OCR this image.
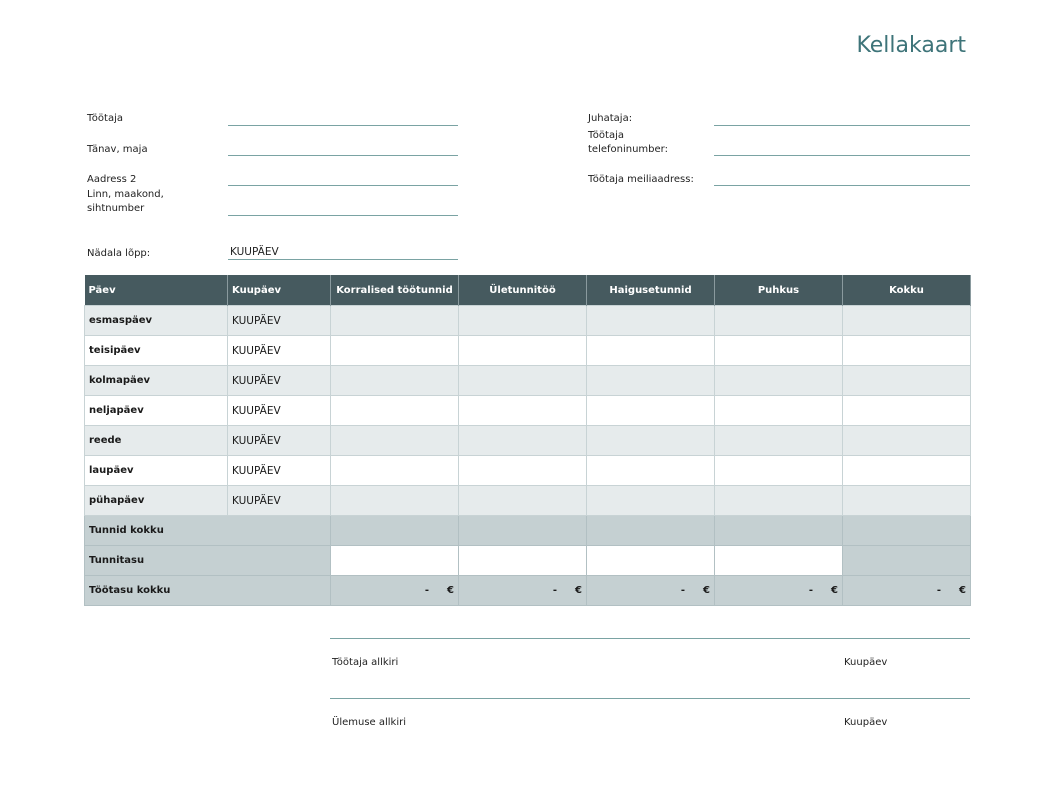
Kellakaart
Töötaja
Tänav, maja
Aadress 2
Linn, maakond,
sihtnumber
Juhataja:
Töötaja
telefoninumber:
Töötaja meiliaadress:
Nädala lõpp:	KUUPÄEV
Päev	Kuupäev	Korralised töötunnid	Ületunnitöö	Haigusetunnid	Puhkus	Kokku
esmaspäev	KUUPÄEV					
teisipäev	KUUPÄEV					
kolmapäev	KUUPÄEV					
neljapäev	KUUPÄEV					
reede	KUUPÄEV					
laupäev	KUUPÄEV					
pühapäev	KUUPÄEV					
Tunnid kokku						
Tunnitasu						
Töötasu kokku		- €	- €	- €	- €	- €
Töötaja allkiri	Kuupäev
Ülemuse allkiri	Kuupäev
